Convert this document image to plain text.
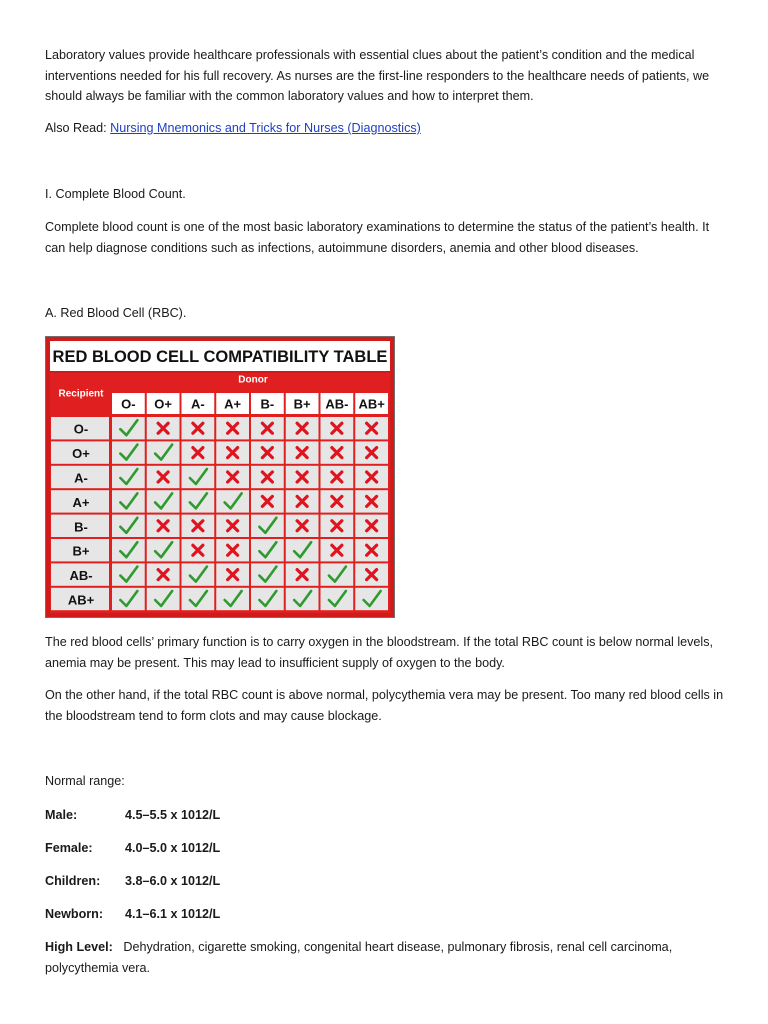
Laboratory values provide healthcare professionals with essential clues about the patient’s condition and the medical interventions needed for his full recovery. As nurses are the first-line responders to the healthcare needs of patients, we should always be familiar with the common laboratory values and how to interpret them.

Also Read: Nursing Mnemonics and Tricks for Nurses (Diagnostics)

I. Complete Blood Count.

Complete blood count is one of the most basic laboratory examinations to determine the status of the patient’s health. It can help diagnose conditions such as infections, autoimmune disorders, anemia and other blood diseases.

A. Red Blood Cell (RBC).

RED BLOOD CELL COMPATIBILITY TABLE
Donor
Recipient
O- O+ A- A+ B- B+ AB- AB+
O-
O+
A-
A+
B-
B+
AB-
AB+

The red blood cells’ primary function is to carry oxygen in the bloodstream. If the total RBC count is below normal levels, anemia may be present. This may lead to insufficient supply of oxygen to the body.

On the other hand, if the total RBC count is above normal, polycythemia vera may be present. Too many red blood cells in the bloodstream tend to form clots and may cause blockage.

Normal range:

Male:	4.5–5.5 x 1012/L
Female:	4.0–5.0 x 1012/L
Children:3.8–6.0 x 1012/L
Newborn:4.1–6.1 x 1012/L

High Level: Dehydration, cigarette smoking, congenital heart disease, pulmonary fibrosis, renal cell carcinoma, polycythemia vera.
